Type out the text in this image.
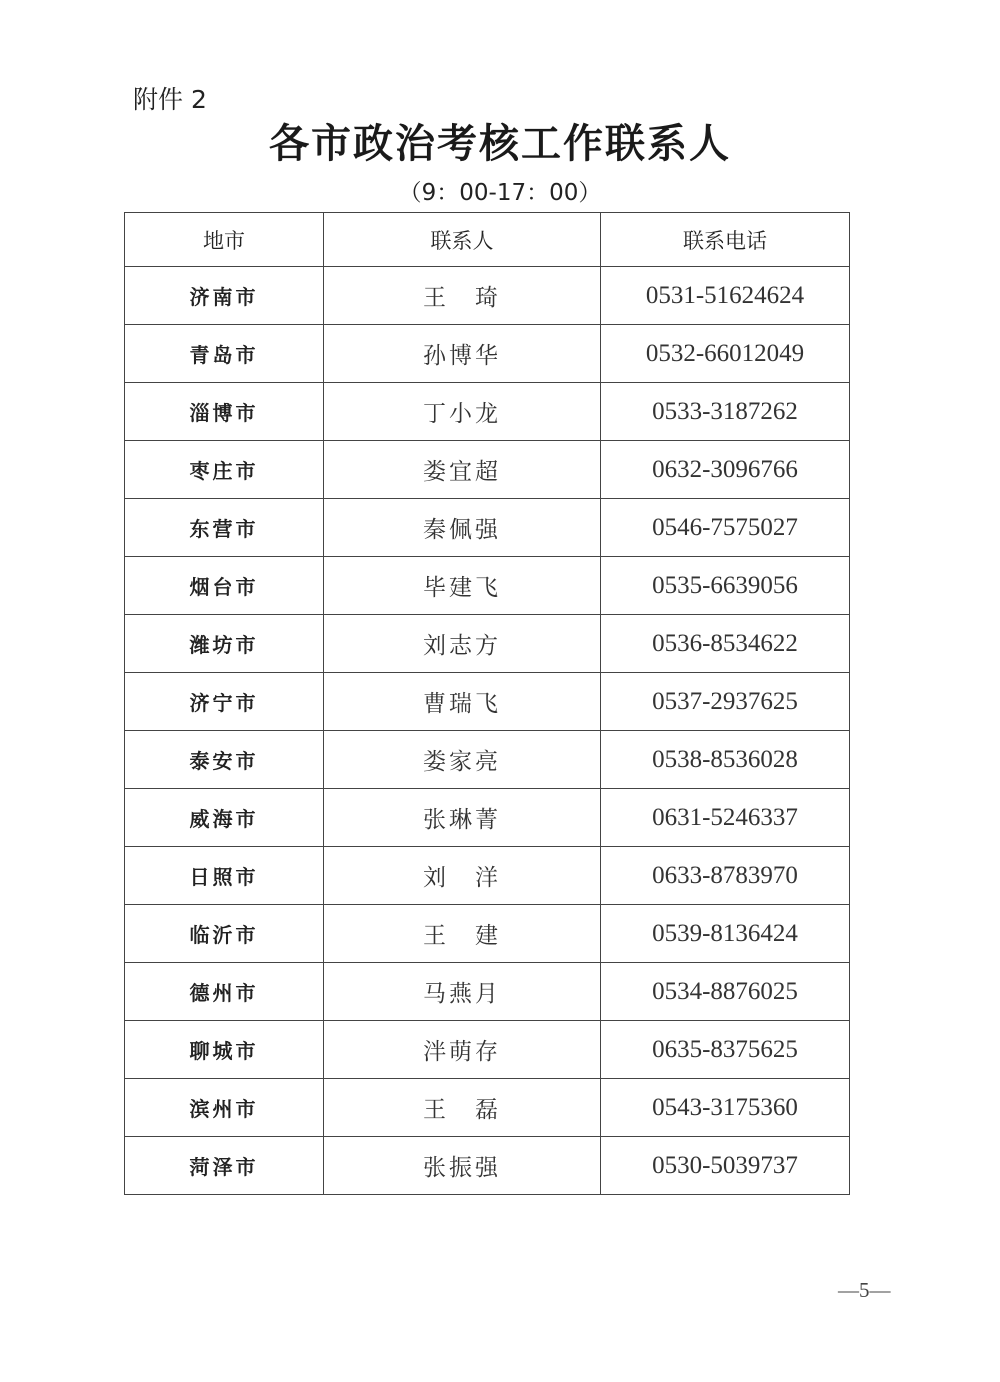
附件 2
各市政治考核工作联系人
（9：00-17：00）
地市	联系人	联系电话
济南市	王　琦	0531-51624624
青岛市	孙博华	0532-66012049
淄博市	丁小龙	0533-3187262
枣庄市	娄宜超	0632-3096766
东营市	秦佩强	0546-7575027
烟台市	毕建飞	0535-6639056
潍坊市	刘志方	0536-8534622
济宁市	曹瑞飞	0537-2937625
泰安市	娄家亮	0538-8536028
威海市	张琳菁	0631-5246337
日照市	刘　洋	0633-8783970
临沂市	王　建	0539-8136424
德州市	马燕月	0534-8876025
聊城市	泮萌存	0635-8375625
滨州市	王　磊	0543-3175360
菏泽市	张振强	0530-5039737
—5—
